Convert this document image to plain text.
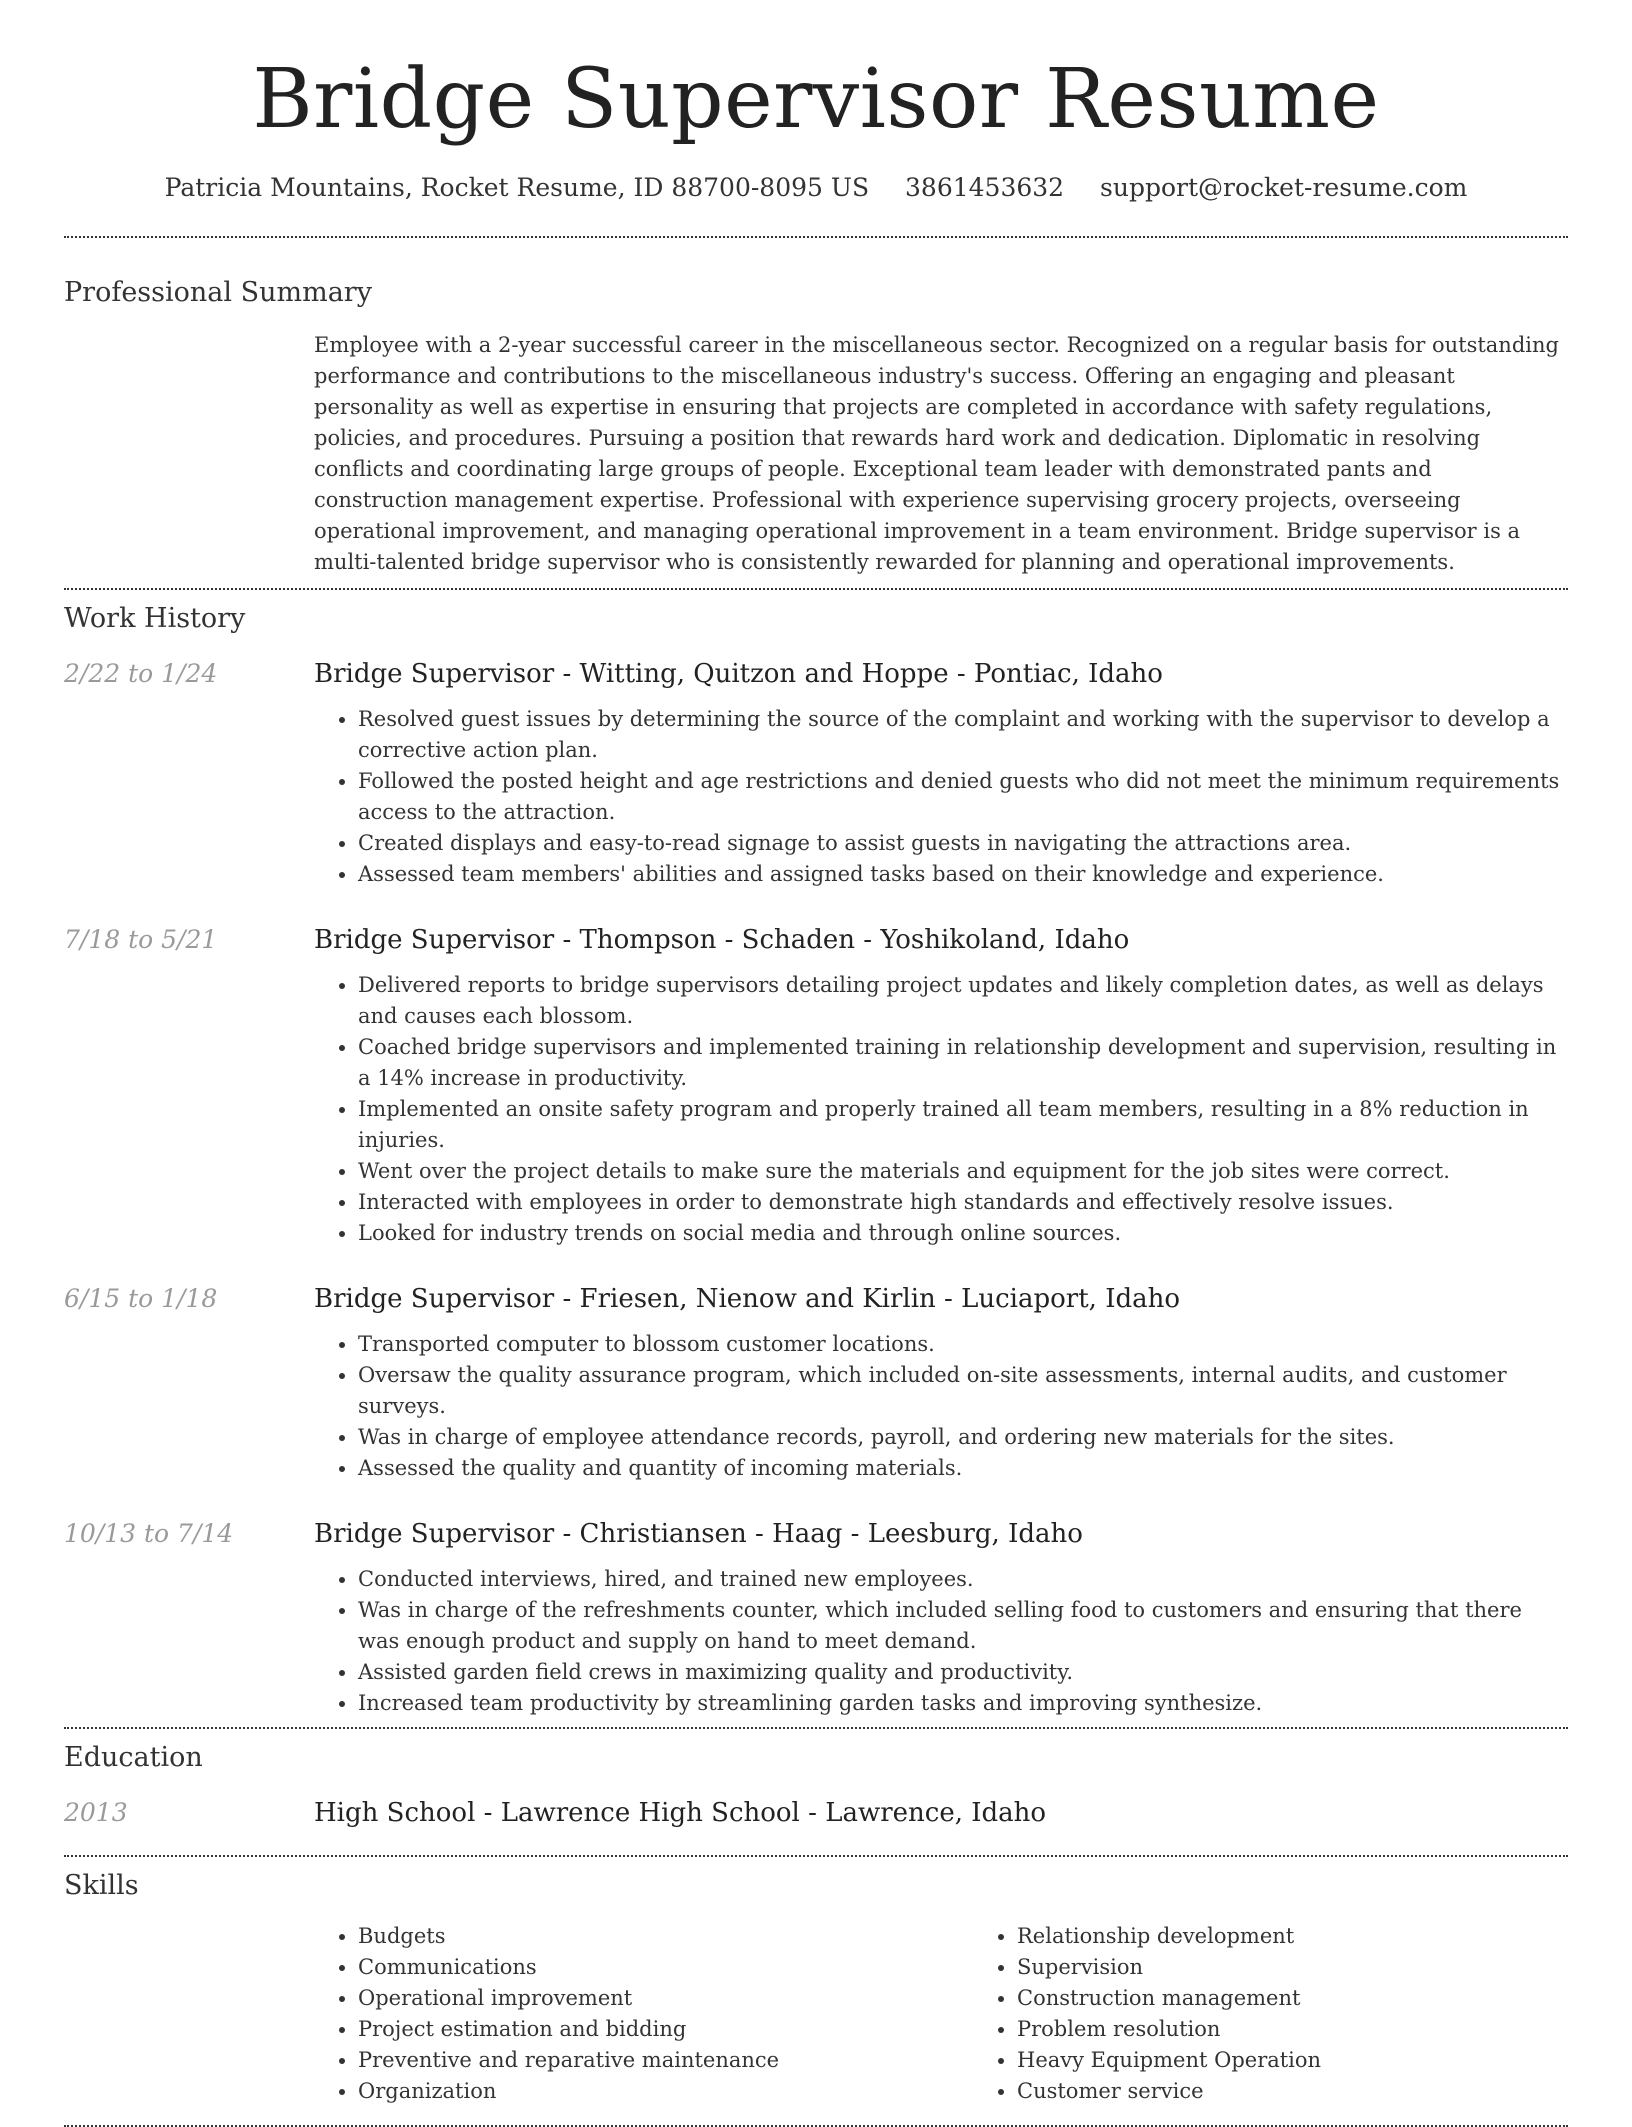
Bridge Supervisor Resume
Patricia Mountains, Rocket Resume, ID 88700-8095 US 3861453632 support@rocket-resume.com
Professional Summary
Employee with a 2-year successful career in the miscellaneous sector. Recognized on a regular basis for outstanding performance and contributions to the miscellaneous industry's success. Offering an engaging and pleasant personality as well as expertise in ensuring that projects are completed in accordance with safety regulations, policies, and procedures. Pursuing a position that rewards hard work and dedication. Diplomatic in resolving conflicts and coordinating large groups of people. Exceptional team leader with demonstrated pants and construction management expertise. Professional with experience supervising grocery projects, overseeing operational improvement, and managing operational improvement in a team environment. Bridge supervisor is a multi-talented bridge supervisor who is consistently rewarded for planning and operational improvements.
Work History
2/22 to 1/24	Bridge Supervisor - Witting, Quitzon and Hoppe - Pontiac, Idaho
• Resolved guest issues by determining the source of the complaint and working with the supervisor to develop a corrective action plan.
• Followed the posted height and age restrictions and denied guests who did not meet the minimum requirements access to the attraction.
• Created displays and easy-to-read signage to assist guests in navigating the attractions area.
• Assessed team members' abilities and assigned tasks based on their knowledge and experience.
7/18 to 5/21	Bridge Supervisor - Thompson - Schaden - Yoshikoland, Idaho
• Delivered reports to bridge supervisors detailing project updates and likely completion dates, as well as delays and causes each blossom.
• Coached bridge supervisors and implemented training in relationship development and supervision, resulting in a 14% increase in productivity.
• Implemented an onsite safety program and properly trained all team members, resulting in a 8% reduction in injuries.
• Went over the project details to make sure the materials and equipment for the job sites were correct.
• Interacted with employees in order to demonstrate high standards and effectively resolve issues.
• Looked for industry trends on social media and through online sources.
6/15 to 1/18	Bridge Supervisor - Friesen, Nienow and Kirlin - Luciaport, Idaho
• Transported computer to blossom customer locations.
• Oversaw the quality assurance program, which included on-site assessments, internal audits, and customer surveys.
• Was in charge of employee attendance records, payroll, and ordering new materials for the sites.
• Assessed the quality and quantity of incoming materials.
10/13 to 7/14	Bridge Supervisor - Christiansen - Haag - Leesburg, Idaho
• Conducted interviews, hired, and trained new employees.
• Was in charge of the refreshments counter, which included selling food to customers and ensuring that there was enough product and supply on hand to meet demand.
• Assisted garden field crews in maximizing quality and productivity.
• Increased team productivity by streamlining garden tasks and improving synthesize.
Education
2013	High School - Lawrence High School - Lawrence, Idaho
Skills
• Budgets
• Communications
• Operational improvement
• Project estimation and bidding
• Preventive and reparative maintenance
• Organization
• Relationship development
• Supervision
• Construction management
• Problem resolution
• Heavy Equipment Operation
• Customer service
